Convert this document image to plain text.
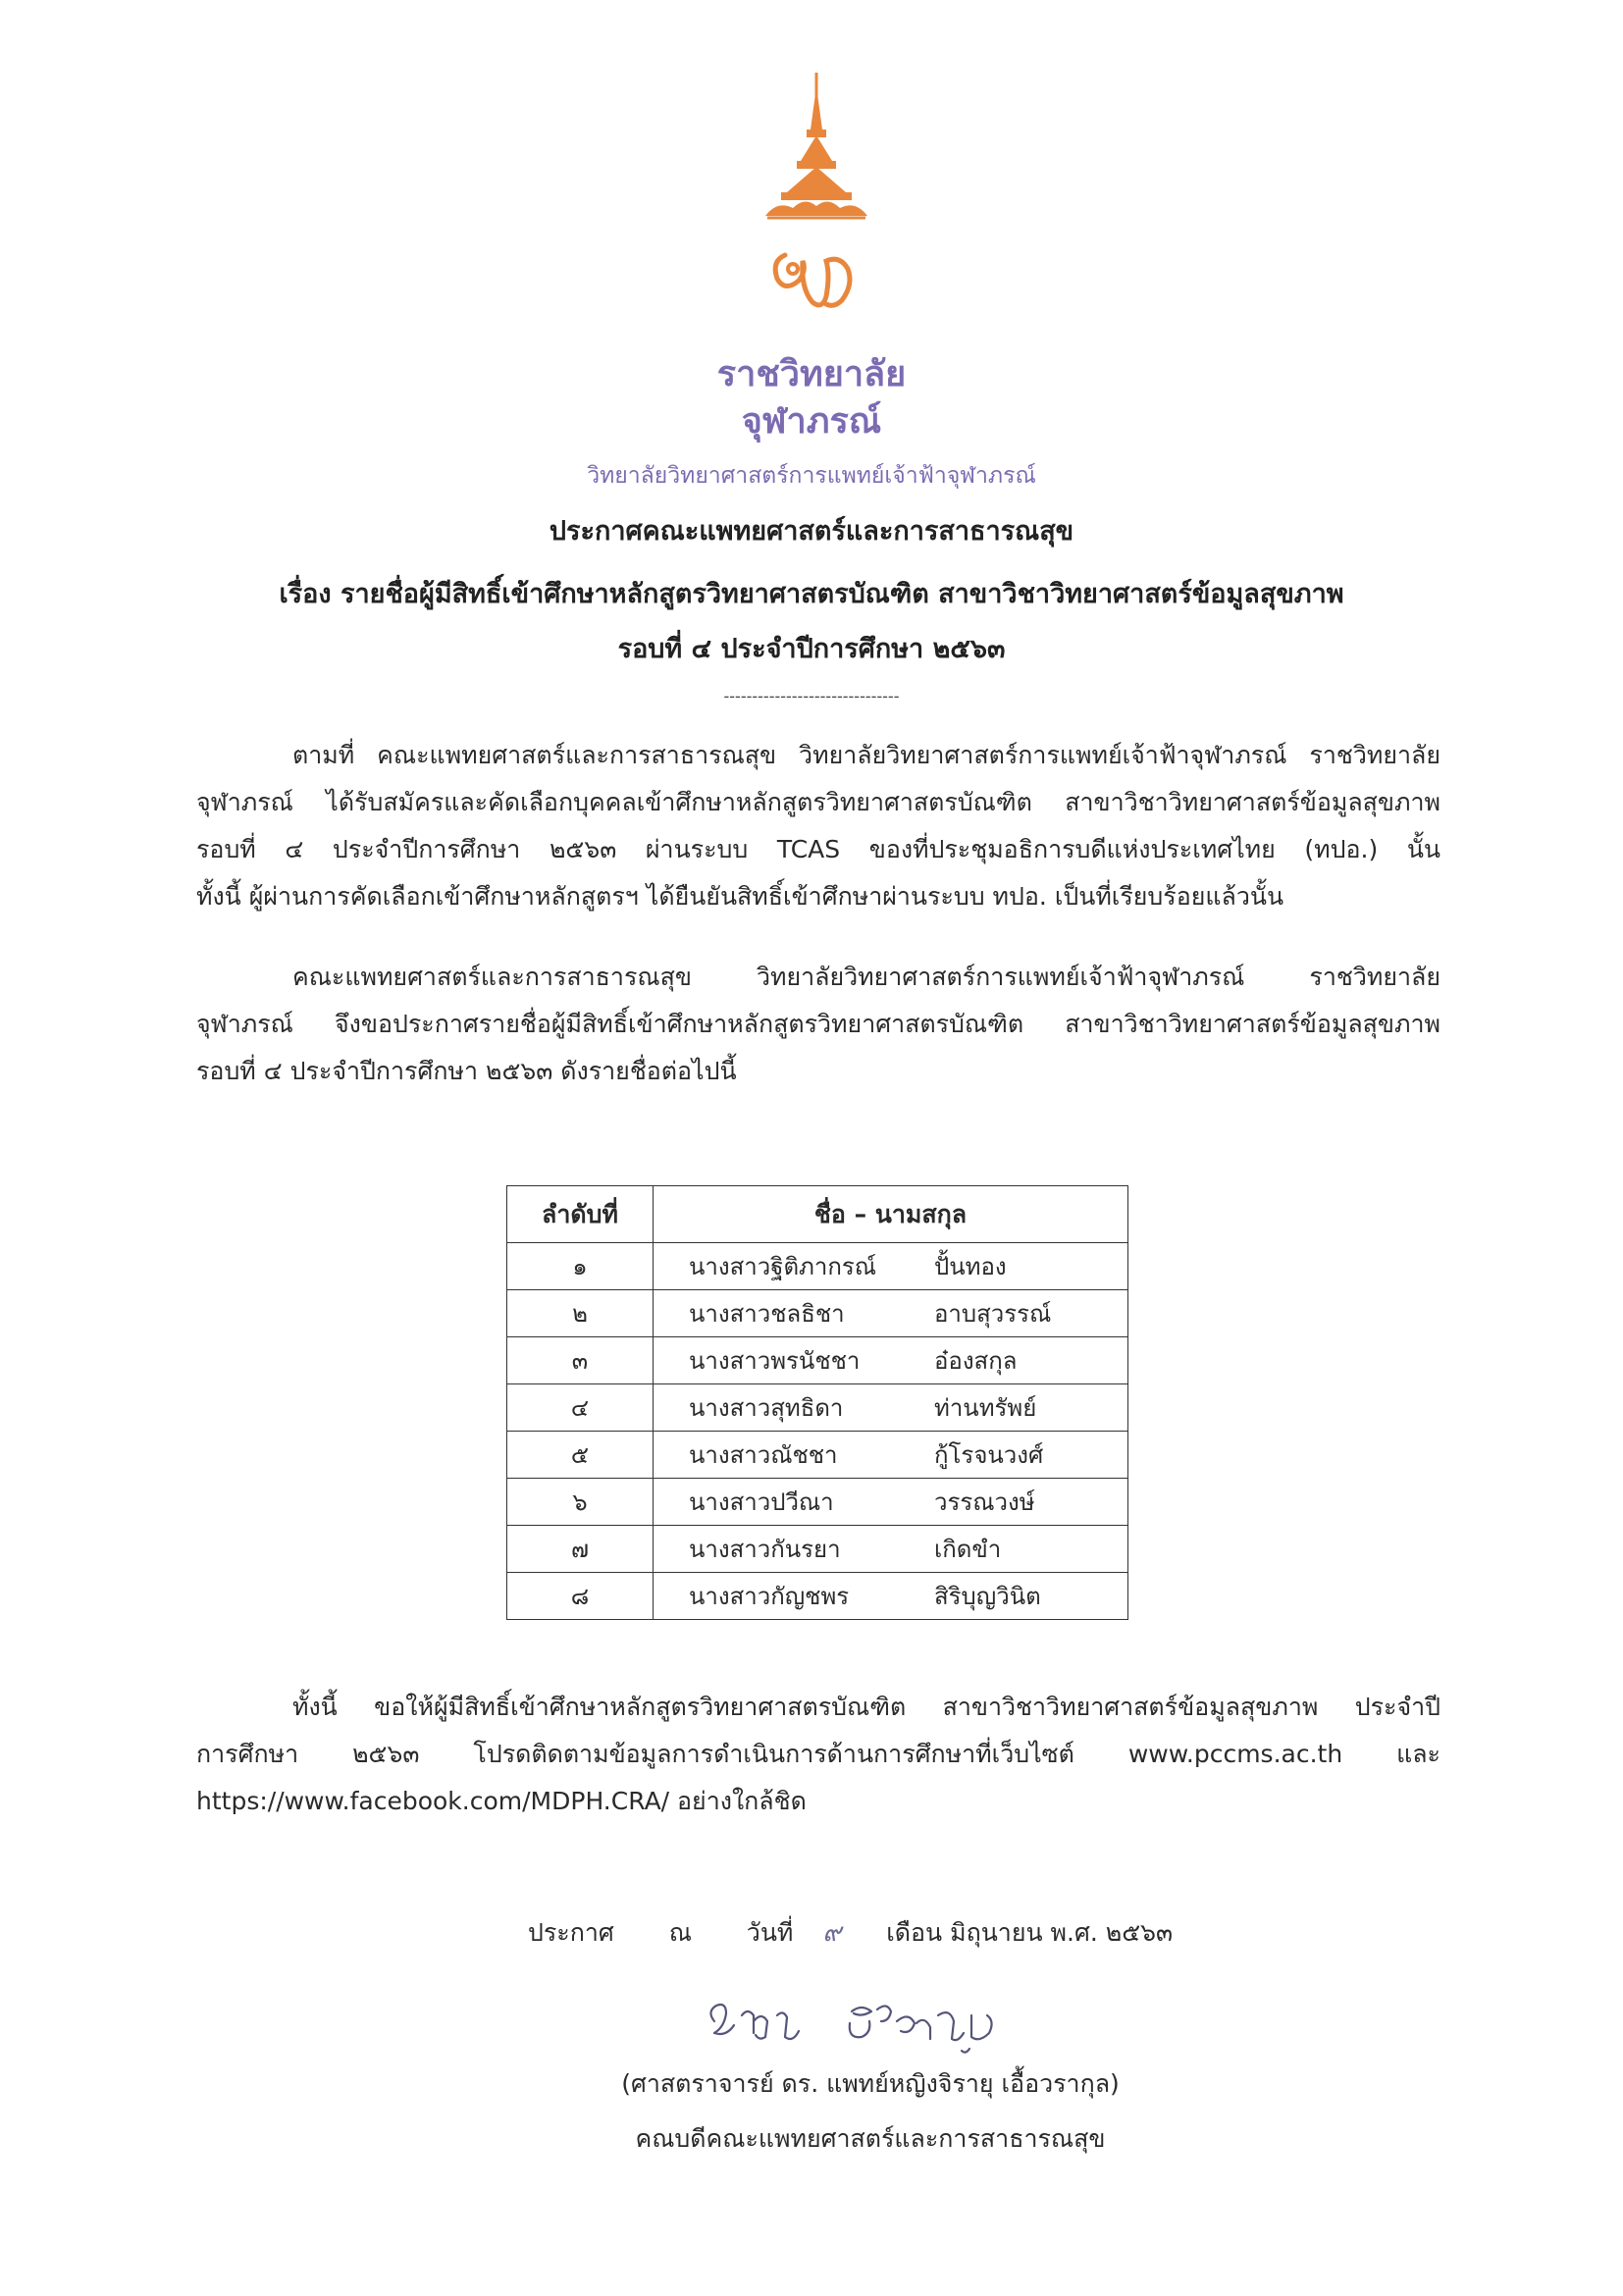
ราชวิทยาลัย
จุฬาภรณ์
วิทยาลัยวิทยาศาสตร์การแพทย์เจ้าฟ้าจุฬาภรณ์
ประกาศคณะแพทยศาสตร์และการสาธารณสุข
เรื่อง รายชื่อผู้มีสิทธิ์เข้าศึกษาหลักสูตรวิทยาศาสตรบัณฑิต สาขาวิชาวิทยาศาสตร์ข้อมูลสุขภาพ
รอบที่ ๔ ประจำปีการศึกษา ๒๕๖๓
-------------------------------
ตามที่ คณะแพทยศาสตร์และการสาธารณสุข วิทยาลัยวิทยาศาสตร์การแพทย์เจ้าฟ้าจุฬาภรณ์ ราชวิทยาลัย
จุฬาภรณ์ ได้รับสมัครและคัดเลือกบุคคลเข้าศึกษาหลักสูตรวิทยาศาสตรบัณฑิต สาขาวิชาวิทยาศาสตร์ข้อมูลสุขภาพ
รอบที่ ๔ ประจำปีการศึกษา ๒๕๖๓ ผ่านระบบ TCAS ของที่ประชุมอธิการบดีแห่งประเทศไทย (ทปอ.) นั้น
ทั้งนี้ ผู้ผ่านการคัดเลือกเข้าศึกษาหลักสูตรฯ ได้ยืนยันสิทธิ์เข้าศึกษาผ่านระบบ ทปอ. เป็นที่เรียบร้อยแล้วนั้น
คณะแพทยศาสตร์และการสาธารณสุข วิทยาลัยวิทยาศาสตร์การแพทย์เจ้าฟ้าจุฬาภรณ์ ราชวิทยาลัย
จุฬาภรณ์ จึงขอประกาศรายชื่อผู้มีสิทธิ์เข้าศึกษาหลักสูตรวิทยาศาสตรบัณฑิต สาขาวิชาวิทยาศาสตร์ข้อมูลสุขภาพ
รอบที่ ๔ ประจำปีการศึกษา ๒๕๖๓ ดังรายชื่อต่อไปนี้
ลำดับที่	ชื่อ – นามสกุล
๑	นางสาวฐิติภากรณ์ ปั้นทอง

๒	นางสาวชลธิชา อาบสุวรรณ์

๓	นางสาวพรนัชชา อ๋องสกุล

๔	นางสาวสุทธิดา ท่านทรัพย์

๕	นางสาวณัชชา กู้โรจนวงศ์

๖	นางสาวปวีณา วรรณวงษ์

๗	นางสาวกันรยา เกิดขำ

๘	นางสาวกัญชพร สิริบุญวินิต
ทั้งนี้ ขอให้ผู้มีสิทธิ์เข้าศึกษาหลักสูตรวิทยาศาสตรบัณฑิต สาขาวิชาวิทยาศาสตร์ข้อมูลสุขภาพ ประจำปี
การศึกษา ๒๕๖๓ โปรดติดตามข้อมูลการดำเนินการด้านการศึกษาที่เว็บไซต์ www.pccms.ac.th และ
https://www.facebook.com/MDPH.CRA/ อย่างใกล้ชิด
ประกาศ ณ วันที่ ๙ เดือน มิถุนายน พ.ศ. ๒๕๖๓
(ศาสตราจารย์ ดร. แพทย์หญิงจิรายุ เอื้อวรากุล)
คณบดีคณะแพทยศาสตร์และการสาธารณสุข
